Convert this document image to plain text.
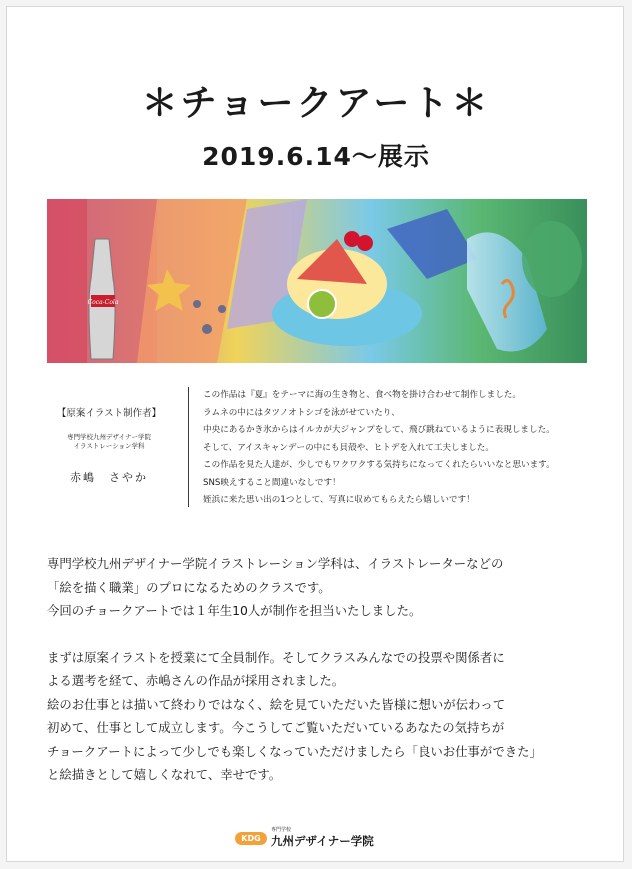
＊チョークアート＊
2019.6.14～展示
Coca-Cola
【原案イラスト制作者】
専門学校九州デザイナー学院
イラストレーション学科
赤嶋　さやか
この作品は『夏』をテーマに海の生き物と、食べ物を掛け合わせて制作しました。
ラムネの中にはタツノオトシゴを泳がせていたり、
中央にあるかき氷からはイルカが大ジャンプをして、飛び跳ねているように表現しました。
そして、アイスキャンデーの中にも貝殻や、ヒトデを入れて工夫しました。
この作品を見た人達が、少しでもワクワクする気持ちになってくれたらいいなと思います。
SNS映えすること間違いなしです！
姪浜に来た思い出の1つとして、写真に収めてもらえたら嬉しいです！
専門学校九州デザイナー学院イラストレーション学科は、イラストレーターなどの
「絵を描く職業」のプロになるためのクラスです。
今回のチョークアートでは１年生10人が制作を担当いたしました。
まずは原案イラストを授業にて全員制作。そしてクラスみんなでの投票や関係者に
よる選考を経て、赤嶋さんの作品が採用されました。
絵のお仕事とは描いて終わりではなく、絵を見ていただいた皆様に想いが伝わって
初めて、仕事として成立します。今こうしてご覧いただいているあなたの気持ちが
チョークアートによって少しでも楽しくなっていただけましたら「良いお仕事ができた」
と絵描きとして嬉しくなれて、幸せです。
KDG
専門学校
九州デザイナー学院
